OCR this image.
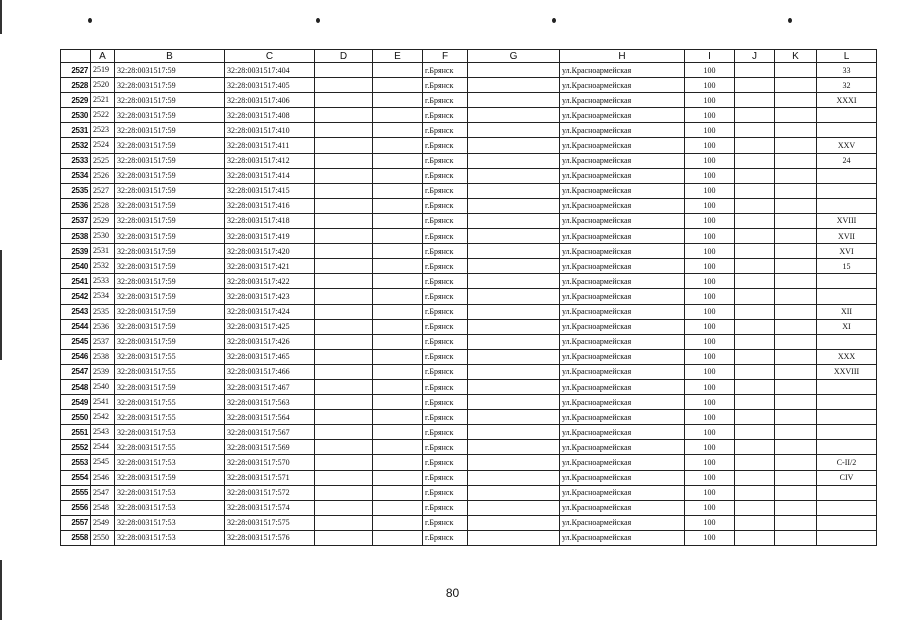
	A	B	C	D	E	F	G	H	I	J	K	L
2527	2519	32:28:0031517:59	32:28:0031517:404			г.Брянск		ул.Красноармейская	100			33
2528	2520	32:28:0031517:59	32:28:0031517:405			г.Брянск		ул.Красноармейская	100			32
2529	2521	32:28:0031517:59	32:28:0031517:406			г.Брянск		ул.Красноармейская	100			XXXI
2530	2522	32:28:0031517:59	32:28:0031517:408			г.Брянск		ул.Красноармейская	100			
2531	2523	32:28:0031517:59	32:28:0031517:410			г.Брянск		ул.Красноармейская	100			
2532	2524	32:28:0031517:59	32:28:0031517:411			г.Брянск		ул.Красноармейская	100			XXV
2533	2525	32:28:0031517:59	32:28:0031517:412			г.Брянск		ул.Красноармейская	100			24
2534	2526	32:28:0031517:59	32:28:0031517:414			г.Брянск		ул.Красноармейская	100			
2535	2527	32:28:0031517:59	32:28:0031517:415			г.Брянск		ул.Красноармейская	100			
2536	2528	32:28:0031517:59	32:28:0031517:416			г.Брянск		ул.Красноармейская	100			
2537	2529	32:28:0031517:59	32:28:0031517:418			г.Брянск		ул.Красноармейская	100			XVIII
2538	2530	32:28:0031517:59	32:28:0031517:419			г.Брянск		ул.Красноармейская	100			XVII
2539	2531	32:28:0031517:59	32:28:0031517:420			г.Брянск		ул.Красноармейская	100			XVI
2540	2532	32:28:0031517:59	32:28:0031517:421			г.Брянск		ул.Красноармейская	100			15
2541	2533	32:28:0031517:59	32:28:0031517:422			г.Брянск		ул.Красноармейская	100			
2542	2534	32:28:0031517:59	32:28:0031517:423			г.Брянск		ул.Красноармейская	100			
2543	2535	32:28:0031517:59	32:28:0031517:424			г.Брянск		ул.Красноармейская	100			XII
2544	2536	32:28:0031517:59	32:28:0031517:425			г.Брянск		ул.Красноармейская	100			XI
2545	2537	32:28:0031517:59	32:28:0031517:426			г.Брянск		ул.Красноармейская	100			
2546	2538	32:28:0031517:55	32:28:0031517:465			г.Брянск		ул.Красноармейская	100			XXX
2547	2539	32:28:0031517:55	32:28:0031517:466			г.Брянск		ул.Красноармейская	100			XXVIII
2548	2540	32:28:0031517:59	32:28:0031517:467			г.Брянск		ул.Красноармейская	100			
2549	2541	32:28:0031517:55	32:28:0031517:563			г.Брянск		ул.Красноармейская	100			
2550	2542	32:28:0031517:55	32:28:0031517:564			г.Брянск		ул.Красноармейская	100			
2551	2543	32:28:0031517:53	32:28:0031517:567			г.Брянск		ул.Красноармейская	100			
2552	2544	32:28:0031517:55	32:28:0031517:569			г.Брянск		ул.Красноармейская	100			
2553	2545	32:28:0031517:53	32:28:0031517:570			г.Брянск		ул.Красноармейская	100			С-II/2
2554	2546	32:28:0031517:59	32:28:0031517:571			г.Брянск		ул.Красноармейская	100			CIV
2555	2547	32:28:0031517:53	32:28:0031517:572			г.Брянск		ул.Красноармейская	100			
2556	2548	32:28:0031517:53	32:28:0031517:574			г.Брянск		ул.Красноармейская	100			
2557	2549	32:28:0031517:53	32:28:0031517:575			г.Брянск		ул.Красноармейская	100			
2558	2550	32:28:0031517:53	32:28:0031517:576			г.Брянск		ул.Красноармейская	100			
80
